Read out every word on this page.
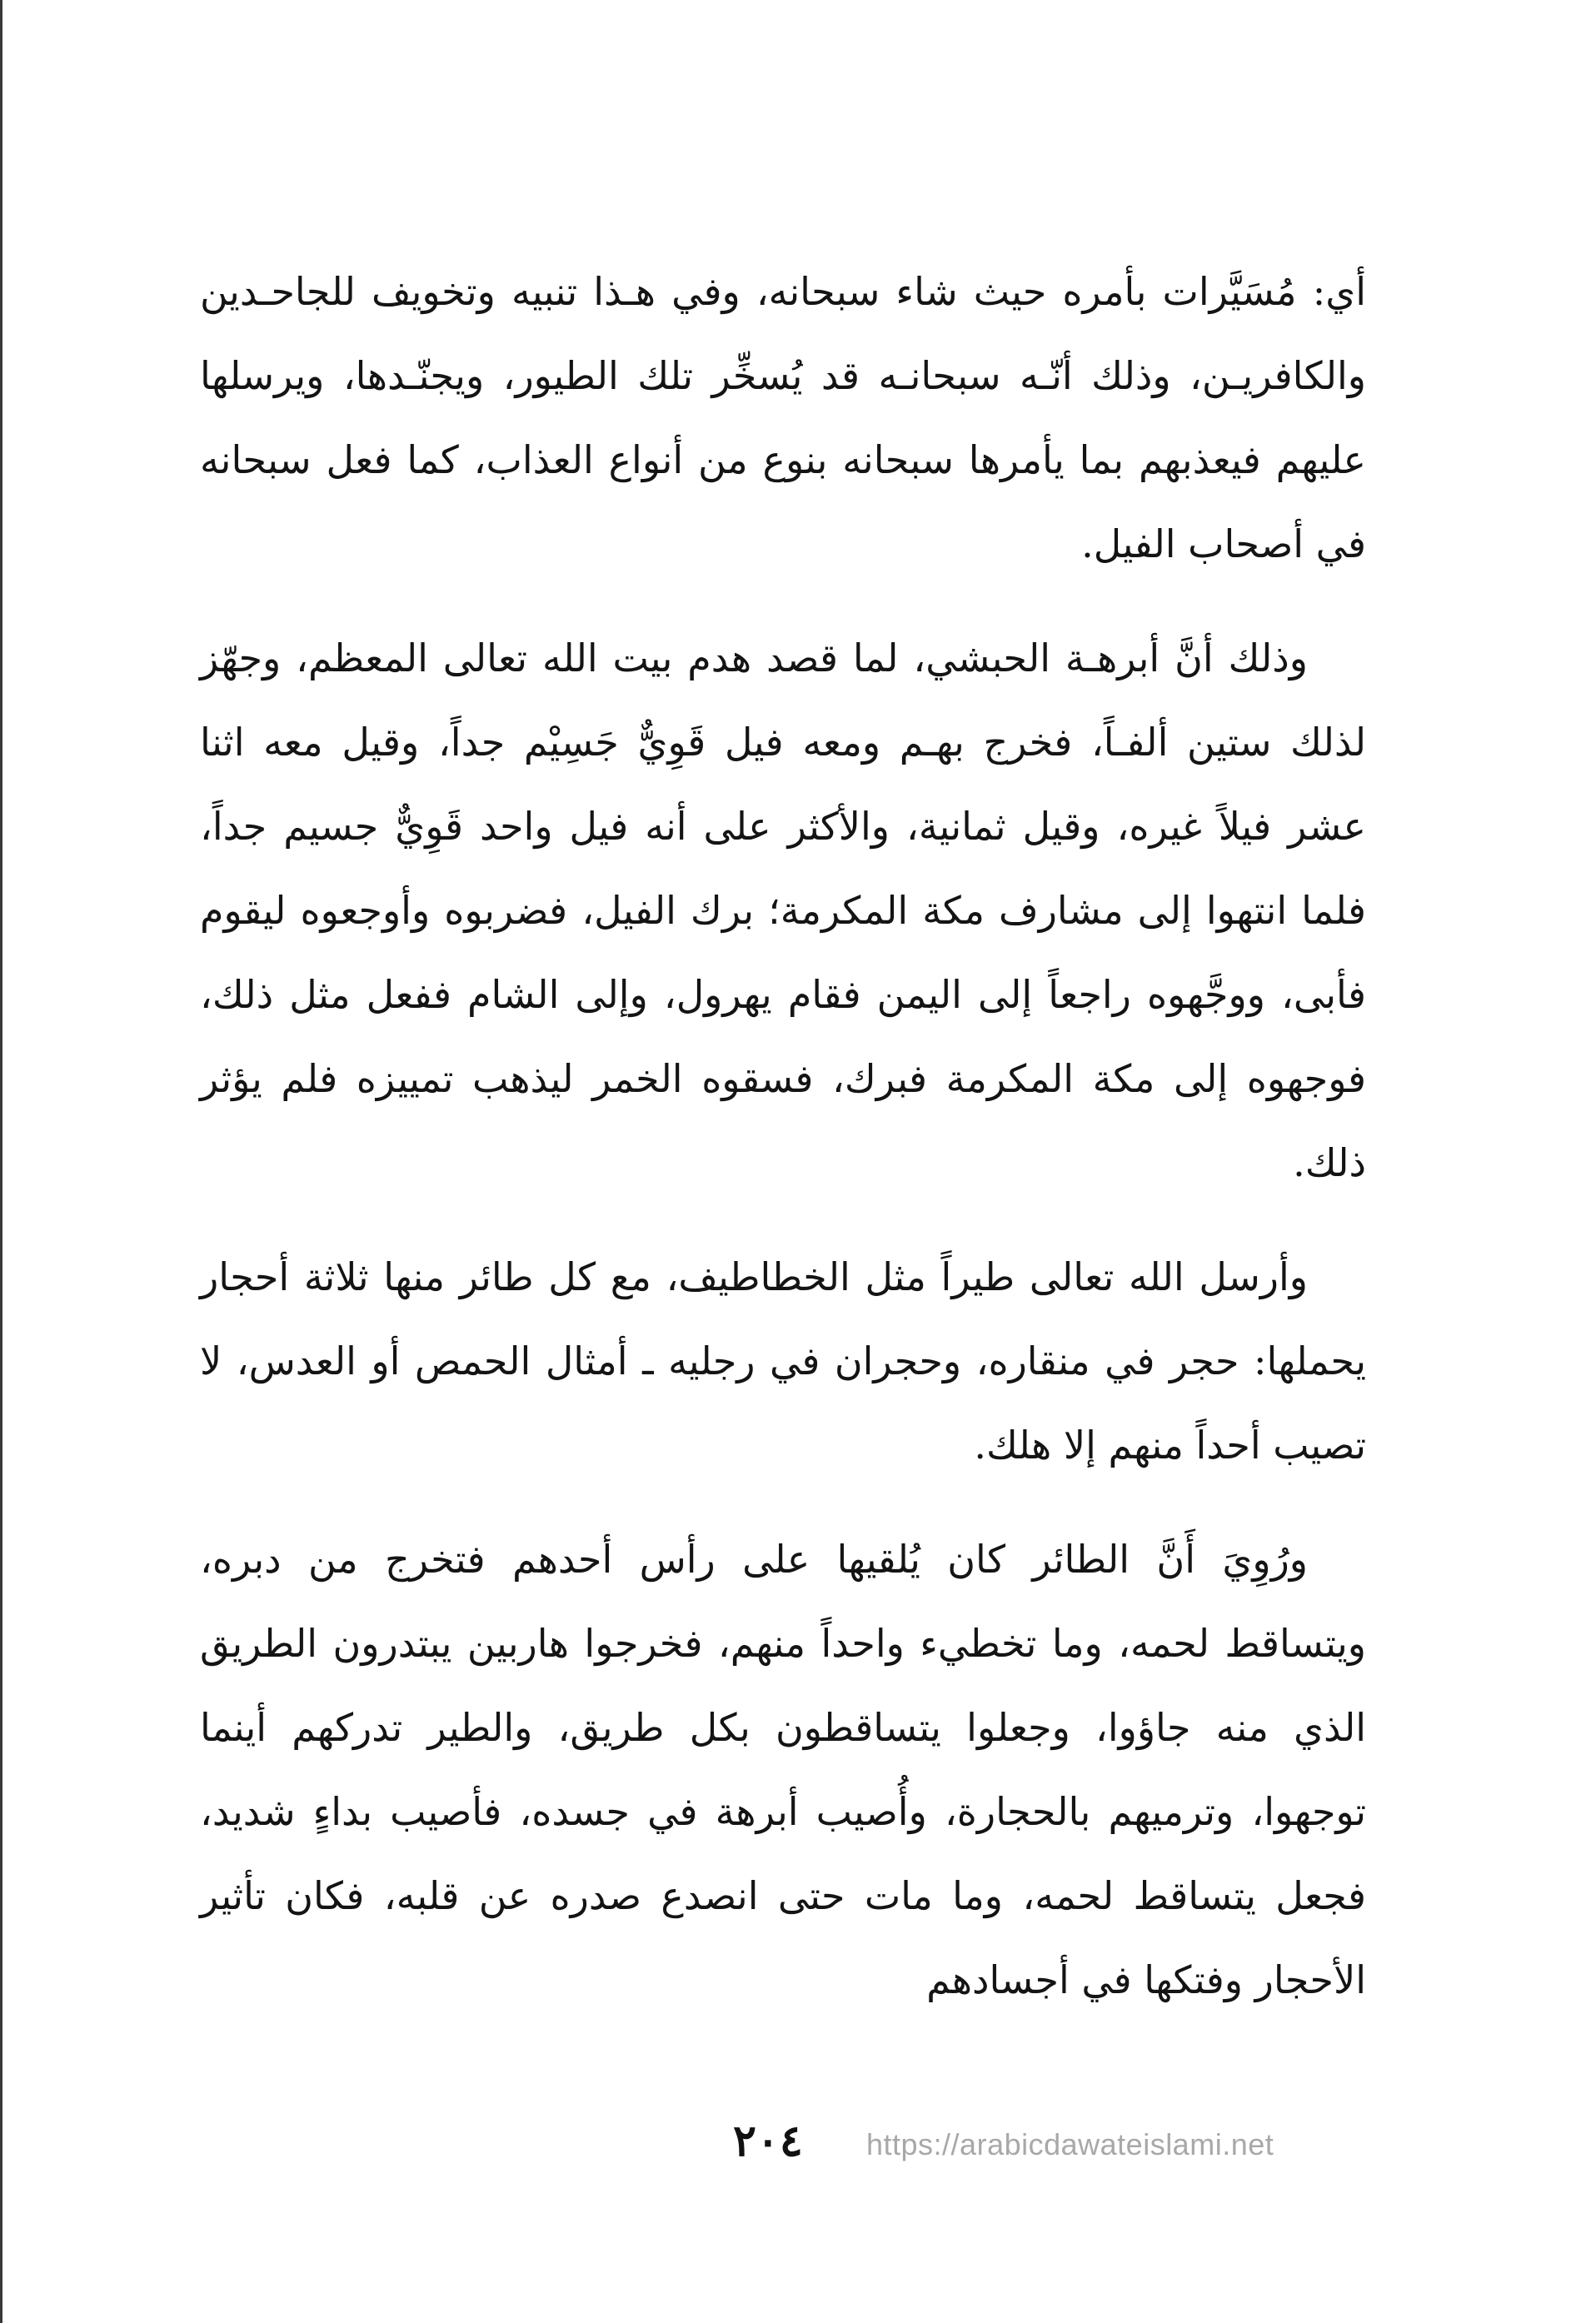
أي: مُسَيَّرات بأمره حيث شاء سبحانه، وفي هـذا تنبيه وتخويف للجاحـدين والكافريـن، وذلك أنّـه سبحانـه قد يُسخِّر تلك الطيور، ويجنّـدها، ويرسلها عليهم فيعذبهم بما يأمرها سبحانه بنوع من أنواع العذاب، كما فعل سبحانه في أصحاب الفيل.

وذلك أنَّ أبرهـة الحبشي، لما قصد هدم بيت الله تعالى المعظم، وجهّز لذلك ستين ألفـاً، فخرج بهـم ومعه فيل قَوِيٌّ جَسِيْم جداً، وقيل معه اثنا عشر فيلاً غيره، وقيل ثمانية، والأكثر على أنه فيل واحد قَوِيٌّ جسيم جداً، فلما انتهوا إلى مشارف مكة المكرمة؛ برك الفيل، فضربوه وأوجعوه ليقوم فأبى، ووجَّهوه راجعاً إلى اليمن فقام يهرول، وإلى الشام ففعل مثل ذلك، فوجهوه إلى مكة المكرمة فبرك، فسقوه الخمر ليذهب تمييزه فلم يؤثر ذلك.

وأرسل الله تعالى طيراً مثل الخطاطيف، مع كل طائر منها ثلاثة أحجار يحملها: حجر في منقاره، وحجران في رجليه ـ أمثال الحمص أو العدس، لا تصيب أحداً منهم إلا هلك.

ورُوِيَ أَنَّ الطائر كان يُلقيها على رأس أحدهم فتخرج من دبره، ويتساقط لحمه، وما تخطيء واحداً منهم، فخرجوا هاربين يبتدرون الطريق الذي منه جاؤوا، وجعلوا يتساقطون بكل طريق، والطير تدركهم أينما توجهوا، وترميهم بالحجارة، وأُصيب أبرهة في جسده، فأصيب بداءٍ شديد، فجعل يتساقط لحمه، وما مات حتى انصدع صدره عن قلبه، فكان تأثير الأحجار وفتكها في أجسادهم

٢٠٤ https://arabicdawateislami.net
